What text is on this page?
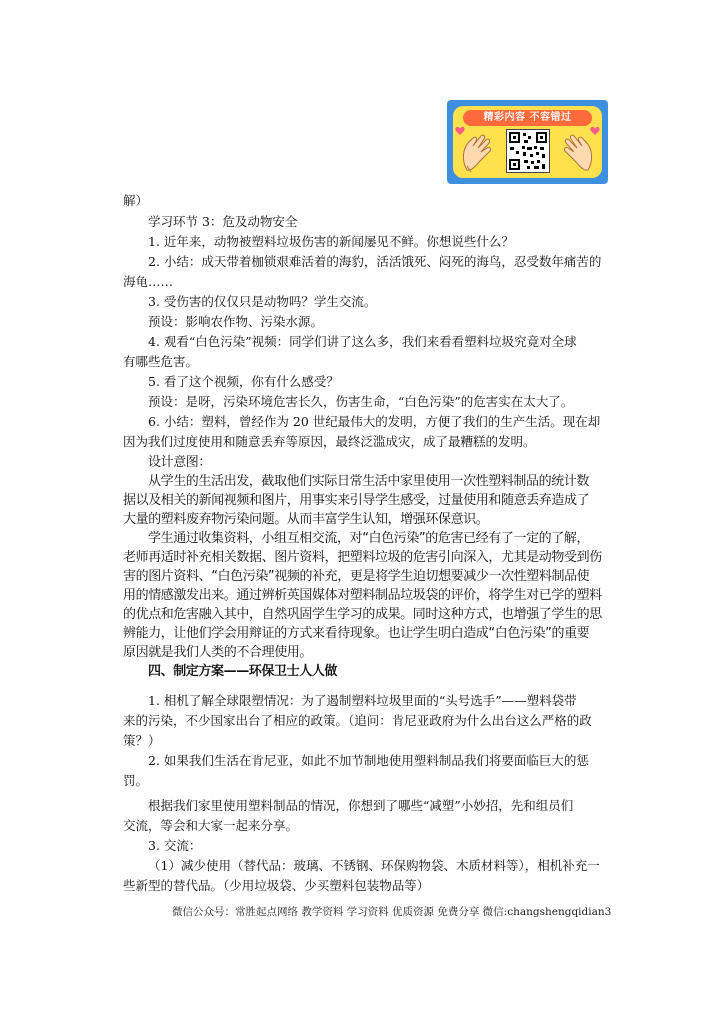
精彩内容 不容错过
解）
学习环节 3：危及动物安全
1. 近年来，动物被塑料垃圾伤害的新闻屡见不鲜。你想说些什么？
2. 小结：成天带着枷锁艰难活着的海豹，活活饿死、闷死的海鸟，忍受数年痛苦的
海龟……
3. 受伤害的仅仅只是动物吗？学生交流。
预设：影响农作物、污染水源。
4. 观看“白色污染”视频：同学们讲了这么多，我们来看看塑料垃圾究竟对全球
有哪些危害。
5. 看了这个视频，你有什么感受？
预设：是呀，污染环境危害长久，伤害生命，“白色污染”的危害实在太大了。
6. 小结：塑料，曾经作为 20 世纪最伟大的发明，方便了我们的生产生活。现在却
因为我们过度使用和随意丢弃等原因，最终泛滥成灾，成了最糟糕的发明。
设计意图：
从学生的生活出发，截取他们实际日常生活中家里使用一次性塑料制品的统计数
据以及相关的新闻视频和图片，用事实来引导学生感受，过量使用和随意丢弃造成了
大量的塑料废弃物污染问题。从而丰富学生认知，增强环保意识。
学生通过收集资料，小组互相交流，对“白色污染”的危害已经有了一定的了解，
老师再适时补充相关数据、图片资料，把塑料垃圾的危害引向深入，尤其是动物受到伤
害的图片资料、“白色污染”视频的补充，更是将学生迫切想要减少一次性塑料制品使
用的情感激发出来。通过辨析英国媒体对塑料制品垃圾袋的评价，将学生对已学的塑料
的优点和危害融入其中，自然巩固学生学习的成果。同时这种方式，也增强了学生的思
辨能力，让他们学会用辩证的方式来看待现象。也让学生明白造成“白色污染”的重要
原因就是我们人类的不合理使用。
四、制定方案——环保卫士人人做
1. 相机了解全球限塑情况：为了遏制塑料垃圾里面的“头号选手”——塑料袋带
来的污染，不少国家出台了相应的政策。（追问：肯尼亚政府为什么出台这么严格的政
策？）
2. 如果我们生活在肯尼亚，如此不加节制地使用塑料制品我们将要面临巨大的惩
罚。
根据我们家里使用塑料制品的情况，你想到了哪些“减塑”小妙招，先和组员们
交流，等会和大家一起来分享。
3. 交流：
（1）减少使用（替代品：玻璃、不锈钢、环保购物袋、木质材料等），相机补充一
些新型的替代品。（少用垃圾袋、少买塑料包装物品等）
微信公众号：常胜起点网络 教学资料 学习资料 优质资源 免费分享 微信:changshengqidian3
